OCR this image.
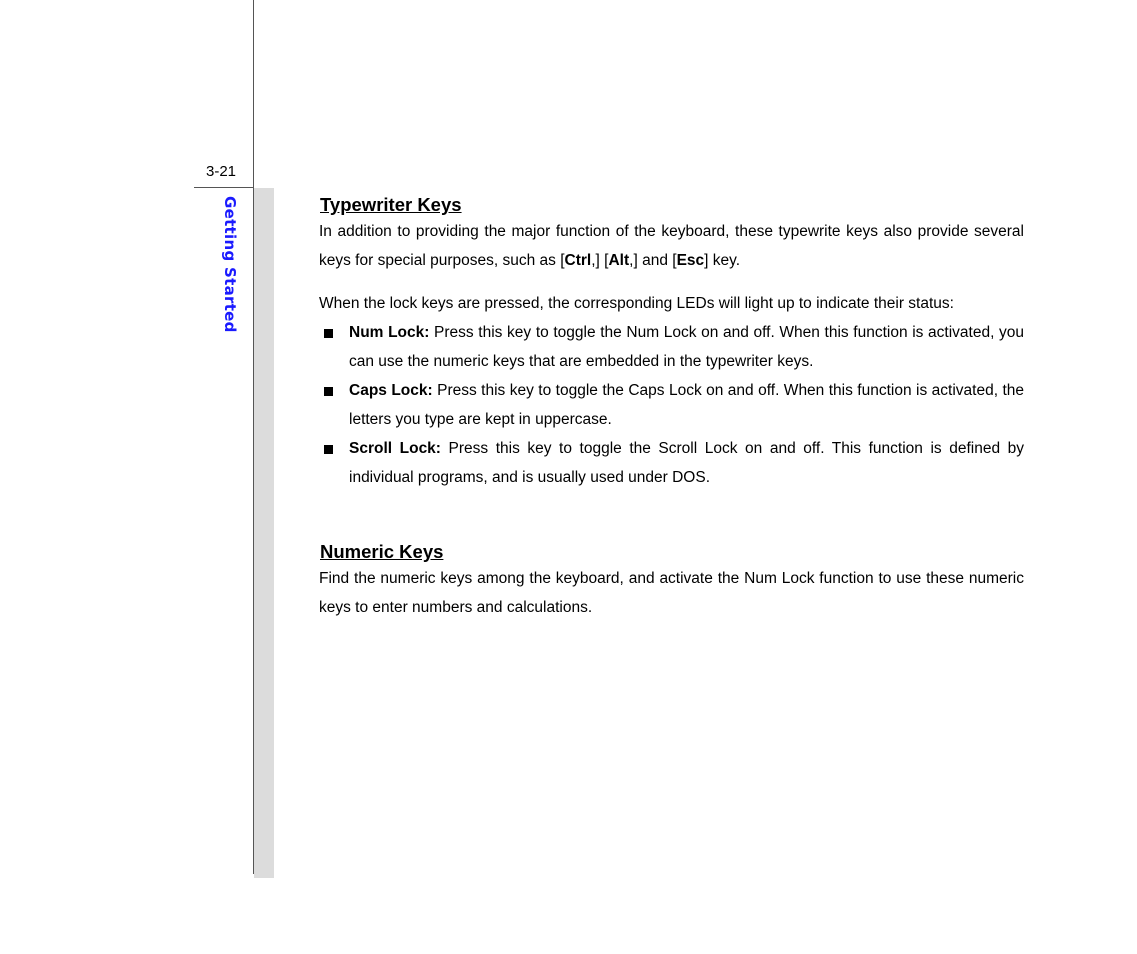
3-21
Getting Started	Typewriter Keys

In addition to providing the major function of the keyboard, these typewrite keys also provide several keys for special purposes, such as [Ctrl,] [Alt,] and [Esc] key.

When the lock keys are pressed, the corresponding LEDs will light up to indicate their status:

Num Lock: Press this key to toggle the Num Lock on and off. When this function is activated, you can use the numeric keys that are embedded in the typewriter keys.
Caps Lock: Press this key to toggle the Caps Lock on and off. When this function is activated, the letters you type are kept in uppercase.
Scroll Lock: Press this key to toggle the Scroll Lock on and off. This function is defined by individual programs, and is usually used under DOS.
Numeric Keys

Find the numeric keys among the keyboard, and activate the Num Lock function to use these numeric keys to enter numbers and calculations.
